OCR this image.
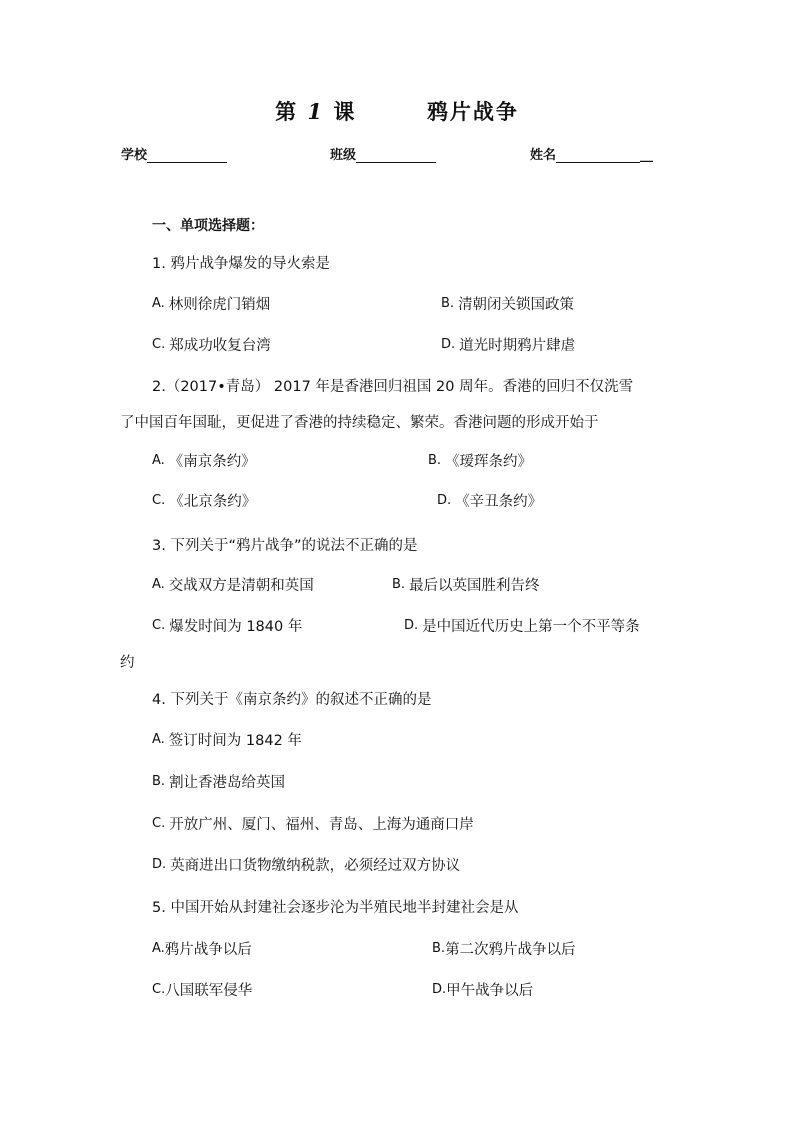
第 1 课	鸦片战争
学校	班级	姓名	__
一、单项选择题：
1. 鸦片战争爆发的导火索是
A. 林则徐虎门销烟	B. 清朝闭关锁国政策
C. 郑成功收复台湾	D. 道光时期鸦片肆虐
2.（2017•青岛） 2017 年是香港回归祖国 20 周年。香港的回归不仅洗雪
了中国百年国耻，更促进了香港的持续稳定、繁荣。香港问题的形成开始于
A. 《南京条约》	B. 《瑷珲条约》
C. 《北京条约》	D. 《辛丑条约》
3. 下列关于“鸦片战争”的说法不正确的是
A. 交战双方是清朝和英国	B. 最后以英国胜利告终
C. 爆发时间为 1840 年	D. 是中国近代历史上第一个不平等条
约
4. 下列关于《南京条约》的叙述不正确的是
A. 签订时间为 1842 年
B. 割让香港岛给英国
C. 开放广州、厦门、福州、青岛、上海为通商口岸
D. 英商进出口货物缴纳税款，必须经过双方协议
5. 中国开始从封建社会逐步沦为半殖民地半封建社会是从
A.鸦片战争以后	B.第二次鸦片战争以后
C.八国联军侵华	D.甲午战争以后
